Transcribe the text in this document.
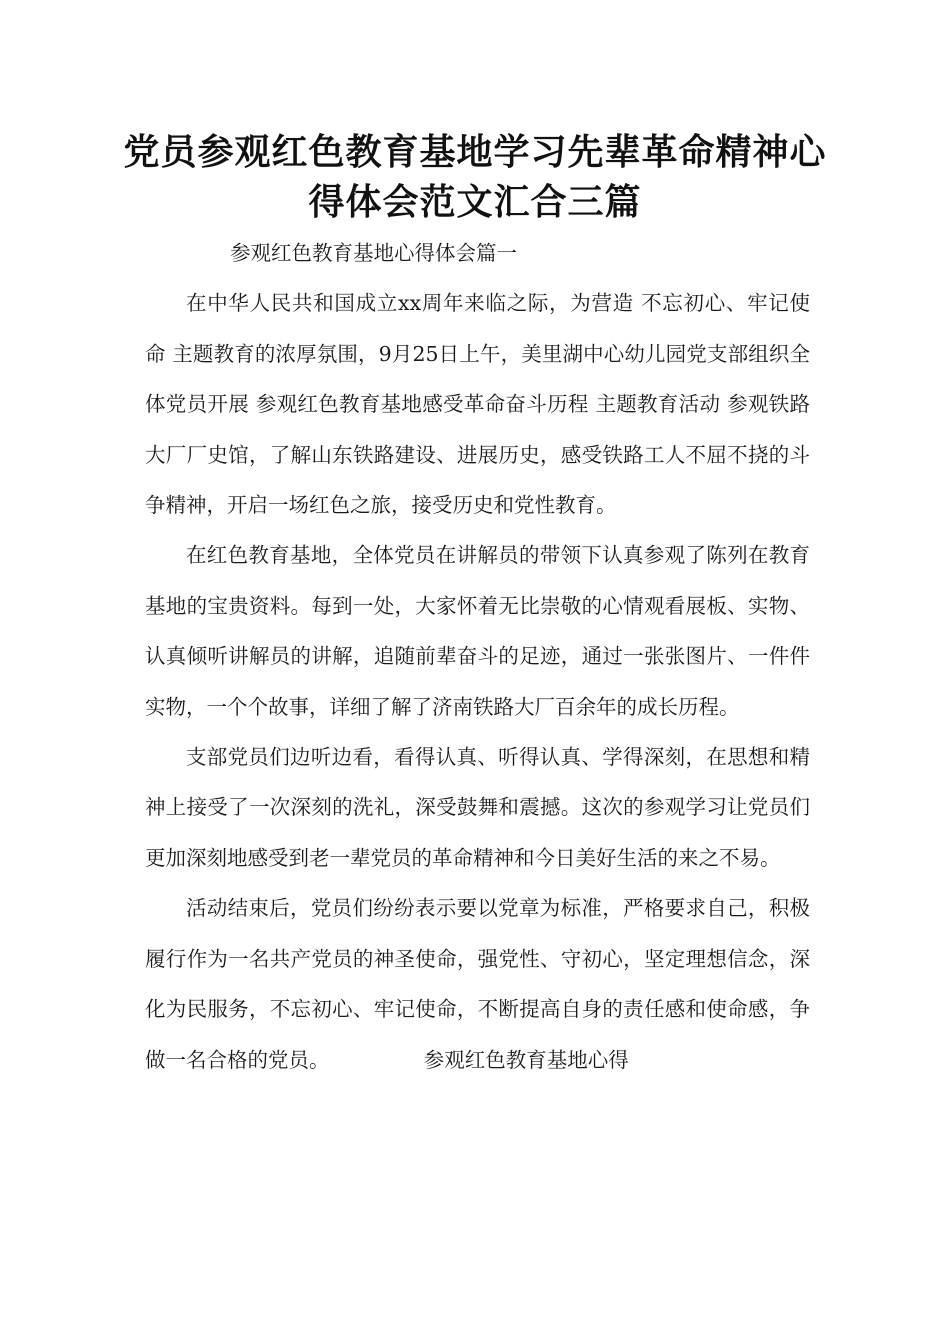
党员参观红色教育基地学习先辈革命精神心得体会范文汇合三篇

参观红色教育基地心得体会篇一

在中华人民共和国成立xx周年来临之际，为营造 不忘初心、牢记使命 主题教育的浓厚氛围，9月25日上午，美里湖中心幼儿园党支部组织全体党员开展 参观红色教育基地感受革命奋斗历程 主题教育活动 参观铁路大厂厂史馆，了解山东铁路建设、进展历史，感受铁路工人不屈不挠的斗争精神，开启一场红色之旅，接受历史和党性教育。

在红色教育基地，全体党员在讲解员的带领下认真参观了陈列在教育基地的宝贵资料。每到一处，大家怀着无比崇敬的心情观看展板、实物、认真倾听讲解员的讲解，追随前辈奋斗的足迹，通过一张张图片、一件件实物，一个个故事，详细了解了济南铁路大厂百余年的成长历程。

支部党员们边听边看，看得认真、听得认真、学得深刻，在思想和精神上接受了一次深刻的洗礼，深受鼓舞和震撼。这次的参观学习让党员们更加深刻地感受到老一辈党员的革命精神和今日美好生活的来之不易。

活动结束后，党员们纷纷表示要以党章为标准，严格要求自己，积极履行作为一名共产党员的神圣使命，强党性、守初心，坚定理想信念，深化为民服务，不忘初心、牢记使命，不断提高自身的责任感和使命感，争做一名合格的党员。	参观红色教育基地心得
